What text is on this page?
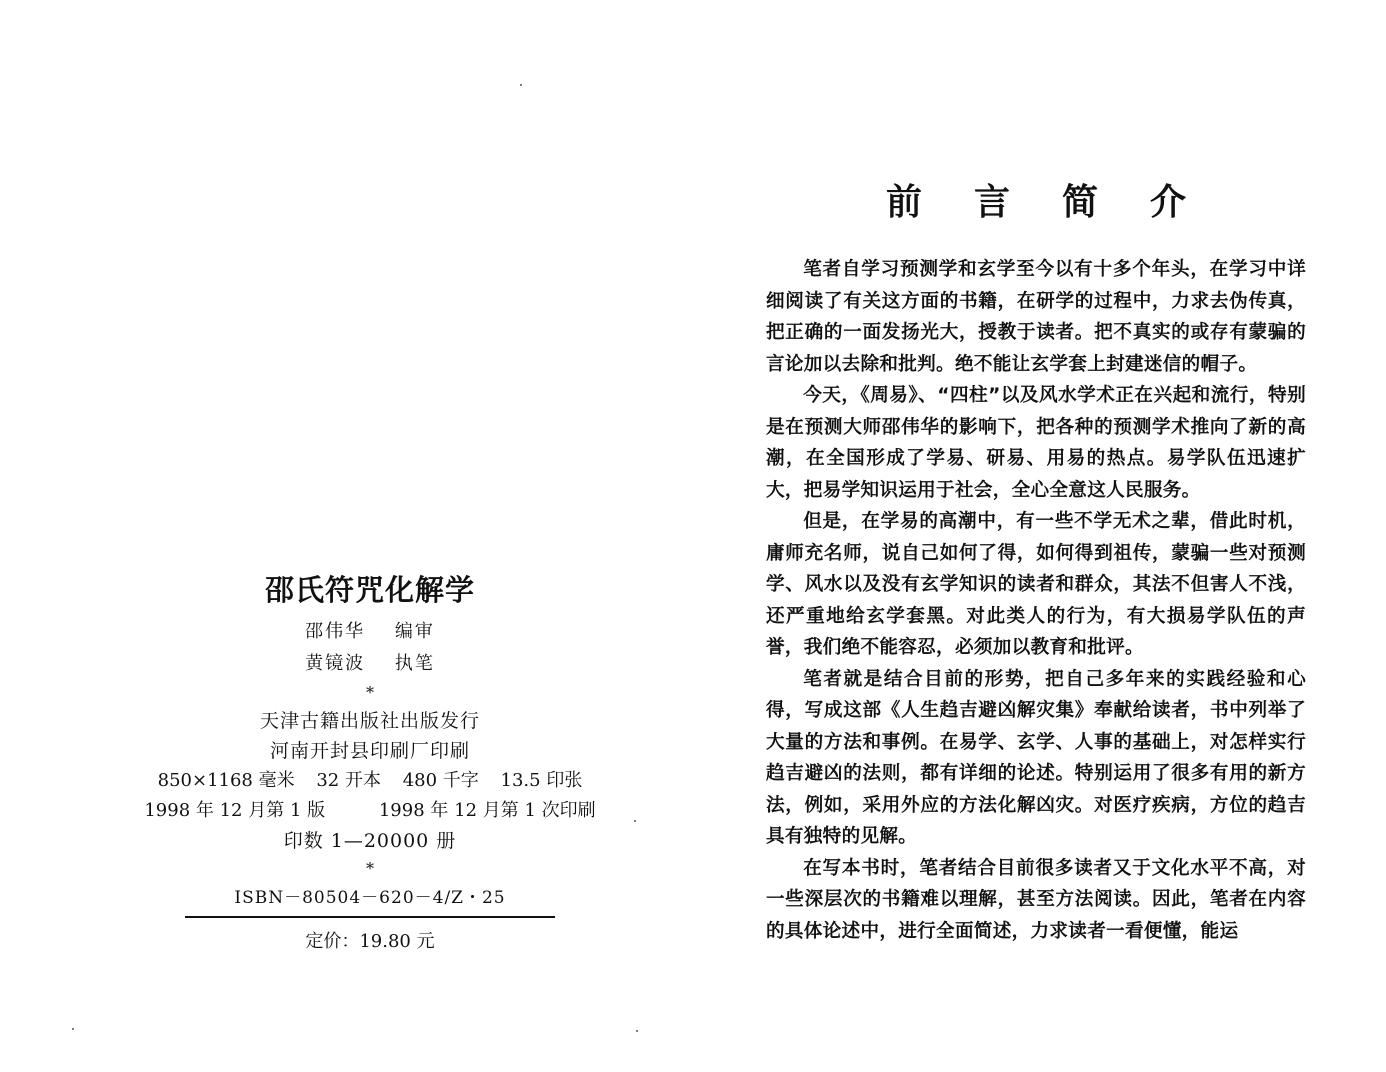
邵氏符咒化解学
邵伟华 编审
黄镜波 执笔
*
天津古籍出版社出版发行
河南开封县印刷厂印刷
850×1168 毫米 32 开本 480 千字 13.5 印张
1998 年 12 月第 1 版	1998 年 12 月第 1 次印刷
印数 1—20000 册
*
ISBN－80504－620－4/Z・25
定价：19.80 元
前言简介

笔者自学习预测学和玄学至今以有十多个年头，在学习中详细阅读了有关这方面的书籍，在研学的过程中，力求去伪传真，把正确的一面发扬光大，授教于读者。把不真实的或存有蒙骗的言论加以去除和批判。绝不能让玄学套上封建迷信的帽子。

今天，《周易》、“四柱”以及风水学术正在兴起和流行，特别是在预测大师邵伟华的影响下，把各种的预测学术推向了新的高潮，在全国形成了学易、研易、用易的热点。易学队伍迅速扩大，把易学知识运用于社会，全心全意这人民服务。

但是，在学易的高潮中，有一些不学无术之辈，借此时机，庸师充名师，说自己如何了得，如何得到祖传，蒙骗一些对预测学、风水以及没有玄学知识的读者和群众，其法不但害人不浅，还严重地给玄学套黑。对此类人的行为，有大损易学队伍的声誉，我们绝不能容忍，必须加以教育和批评。

笔者就是结合目前的形势，把自己多年来的实践经验和心得，写成这部《人生趋吉避凶解灾集》奉献给读者，书中列举了大量的方法和事例。在易学、玄学、人事的基础上，对怎样实行趋吉避凶的法则，都有详细的论述。特别运用了很多有用的新方法，例如，采用外应的方法化解凶灾。对医疗疾病，方位的趋吉具有独特的见解。

在写本书时，笔者结合目前很多读者又于文化水平不高，对一些深层次的书籍难以理解，甚至方法阅读。因此，笔者在内容的具体论述中，进行全面简述，力求读者一看便懂，能运
